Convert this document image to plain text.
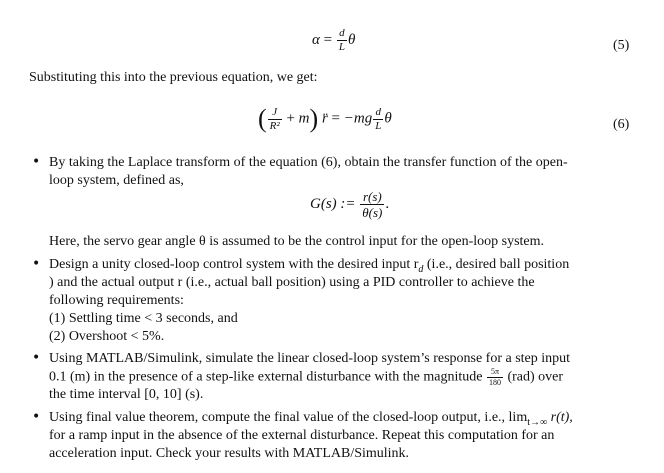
$\alpha = \frac{d}{L}$ θ	(5)
Substituting this into the previous equation, we get:
( $\frac{J}{\text{R²}} + m$) r̈ = $-mg \frac{d}{L}$ θ	(6)
• By taking the Laplace transform of the equation (6), obtain the transfer function of the open-
loop system, defined as,
G(s) := $\frac{r(s)}{\theta(s)}$ .
Here, the servo gear angle θ is assumed to be the control input for the open-loop system.
• Design a unity closed-loop control system with the desired input $r_d$ (i.e., desired ball position
) and the actual output r (i.e., actual ball position) using a PID controller to achieve the
following requirements:
(1) Settling time < 3 seconds, and
(2) Overshoot < 5%.
• Using MATLAB/Simulink, simulate the linear closed-loop system’s response for a step input
0.1 (m) in the presence of a step-like external disturbance with the magnitude $\frac{5\pi}{180} (rad)$ over
the time interval [0, 10] (s).
• Using final value theorem, compute the final value of the closed-loop output, i.e., $\lim_{t\to\infty} r(t)$,
for a ramp input in the absence of the external disturbance. Repeat this computation for an
acceleration input. Check your results with MATLAB/Simulink.
